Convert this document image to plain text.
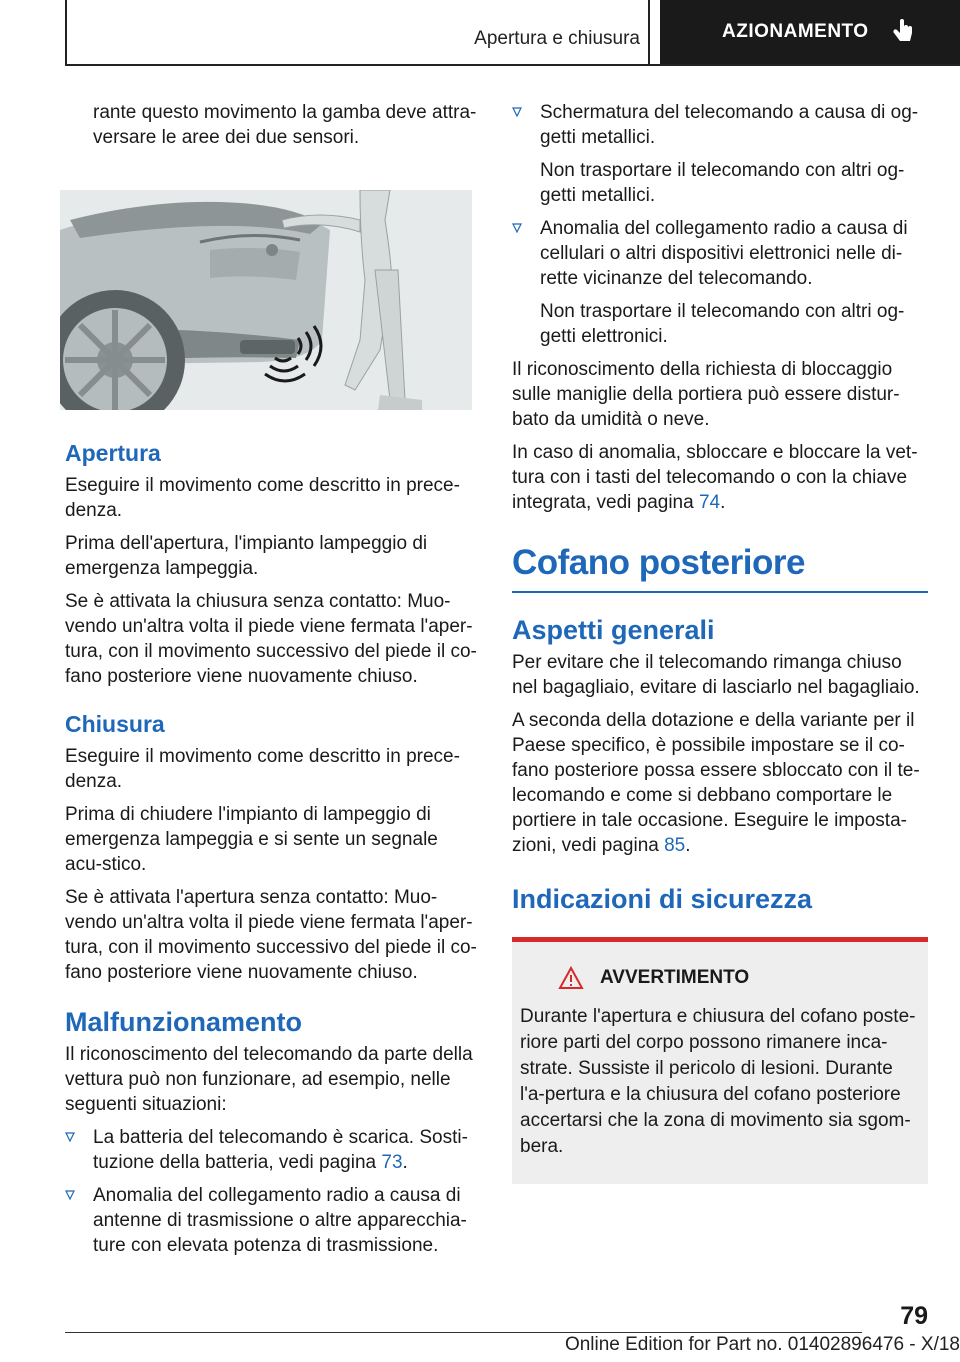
Apertura e chiusura	AZIONAMENTO

rante questo movimento la gamba deve attra-versare le aree dei due sensori.

Apertura

Eseguire il movimento come descritto in prece-denza.

Prima dell'apertura, l'impianto lampeggio di emergenza lampeggia.

Se è attivata la chiusura senza contatto: Muo-vendo un'altra volta il piede viene fermata l'aper-tura, con il movimento successivo del piede il co-fano posteriore viene nuovamente chiuso.

Chiusura

Eseguire il movimento come descritto in prece-denza.

Prima di chiudere l'impianto di lampeggio di emergenza lampeggia e si sente un segnale acu-stico.

Se è attivata l'apertura senza contatto: Muo-vendo un'altra volta il piede viene fermata l'aper-tura, con il movimento successivo del piede il co-fano posteriore viene nuovamente chiuso.

Malfunzionamento

Il riconoscimento del telecomando da parte della vettura può non funzionare, ad esempio, nelle seguenti situazioni:

La batteria del telecomando è scarica. Sosti-tuzione della batteria, vedi pagina 73.
Anomalia del collegamento radio a causa di antenne di trasmissione o altre apparecchia-ture con elevata potenza di trasmissione.

Schermatura del telecomando a causa di og-getti metallici.

Non trasportare il telecomando con altri og-getti metallici.

Anomalia del collegamento radio a causa di cellulari o altri dispositivi elettronici nelle di-rette vicinanze del telecomando.

Non trasportare il telecomando con altri og-getti elettronici.

Il riconoscimento della richiesta di bloccaggio sulle maniglie della portiera può essere distur-bato da umidità o neve.

In caso di anomalia, sbloccare e bloccare la vet-tura con i tasti del telecomando o con la chiave integrata, vedi pagina 74.

Cofano posteriore
Aspetti generali

Per evitare che il telecomando rimanga chiuso nel bagagliaio, evitare di lasciarlo nel bagagliaio.

A seconda della dotazione e della variante per il Paese specifico, è possibile impostare se il co-fano posteriore possa essere sbloccato con il te-lecomando e come si debbano comportare le portiere in tale occasione. Eseguire le imposta-zioni, vedi pagina 85.

Indicazioni di sicurezza
AVVERTIMENTO

Durante l'apertura e chiusura del cofano poste-riore parti del corpo possono rimanere inca-strate. Sussiste il pericolo di lesioni. Durante l'a-pertura e la chiusura del cofano posteriore accertarsi che la zona di movimento sia sgom-bera.

79
Online Edition for Part no. 01402896476 - X/18
